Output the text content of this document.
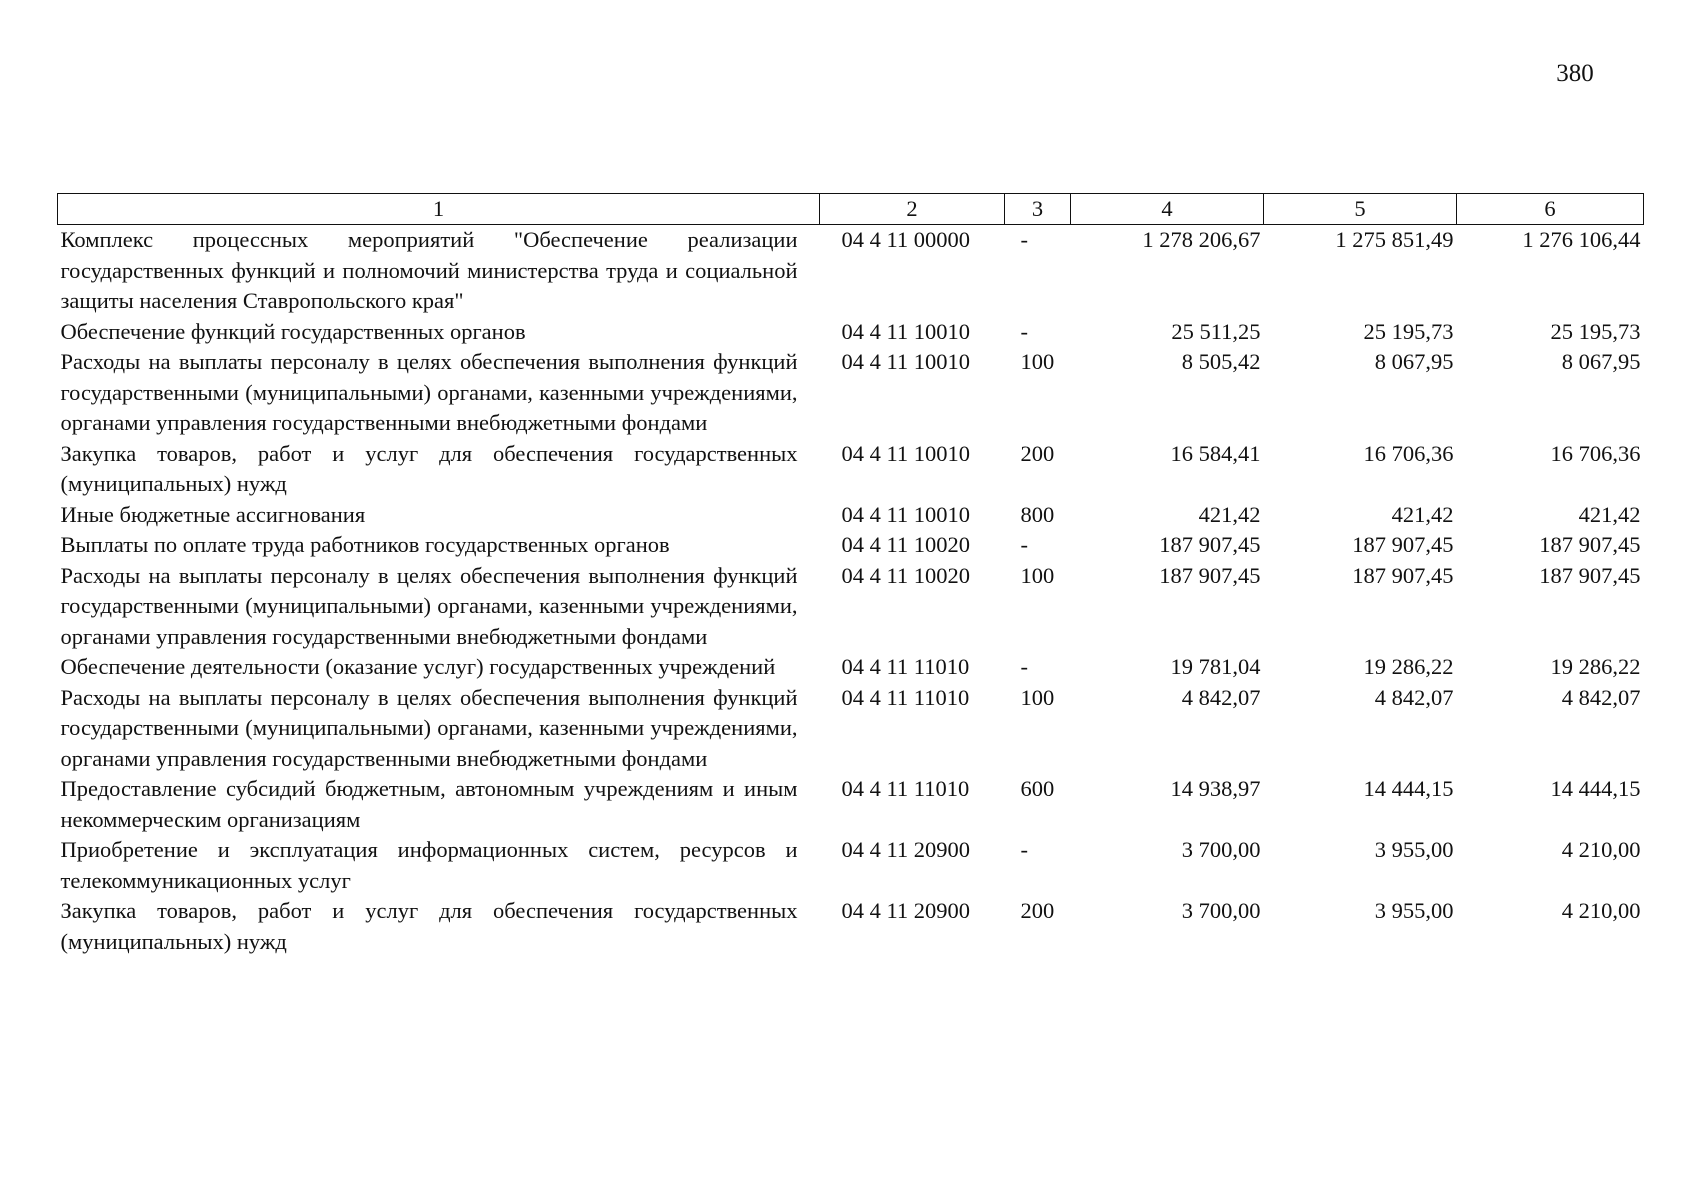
380
1	2	3	4	5	6
Комплекс процессных мероприятий "Обеспечение реализации государственных функций и полномочий министерства труда и социальной защиты населения Ставропольского края"	04 4 11 00000	-	1 278 206,67	1 275 851,49	1 276 106,44
Обеспечение функций государственных органов	04 4 11 10010	-	25 511,25	25 195,73	25 195,73
Расходы на выплаты персоналу в целях обеспечения выполнения функций государственными (муниципальными) органами, казенными учреждениями, органами управления государственными внебюджетными фондами	04 4 11 10010	100	8 505,42	8 067,95	8 067,95
Закупка товаров, работ и услуг для обеспечения государственных (муниципальных) нужд	04 4 11 10010	200	16 584,41	16 706,36	16 706,36
Иные бюджетные ассигнования	04 4 11 10010	800	421,42	421,42	421,42
Выплаты по оплате труда работников государственных органов	04 4 11 10020	-	187 907,45	187 907,45	187 907,45
Расходы на выплаты персоналу в целях обеспечения выполнения функций государственными (муниципальными) органами, казенными учреждениями, органами управления государственными внебюджетными фондами	04 4 11 10020	100	187 907,45	187 907,45	187 907,45
Обеспечение деятельности (оказание услуг) государственных учреждений	04 4 11 11010	-	19 781,04	19 286,22	19 286,22
Расходы на выплаты персоналу в целях обеспечения выполнения функций государственными (муниципальными) органами, казенными учреждениями, органами управления государственными внебюджетными фондами	04 4 11 11010	100	4 842,07	4 842,07	4 842,07
Предоставление субсидий бюджетным, автономным учреждениям и иным некоммерческим организациям	04 4 11 11010	600	14 938,97	14 444,15	14 444,15
Приобретение и эксплуатация информационных систем, ресурсов и телекоммуникационных услуг	04 4 11 20900	-	3 700,00	3 955,00	4 210,00
Закупка товаров, работ и услуг для обеспечения государственных (муниципальных) нужд	04 4 11 20900	200	3 700,00	3 955,00	4 210,00
